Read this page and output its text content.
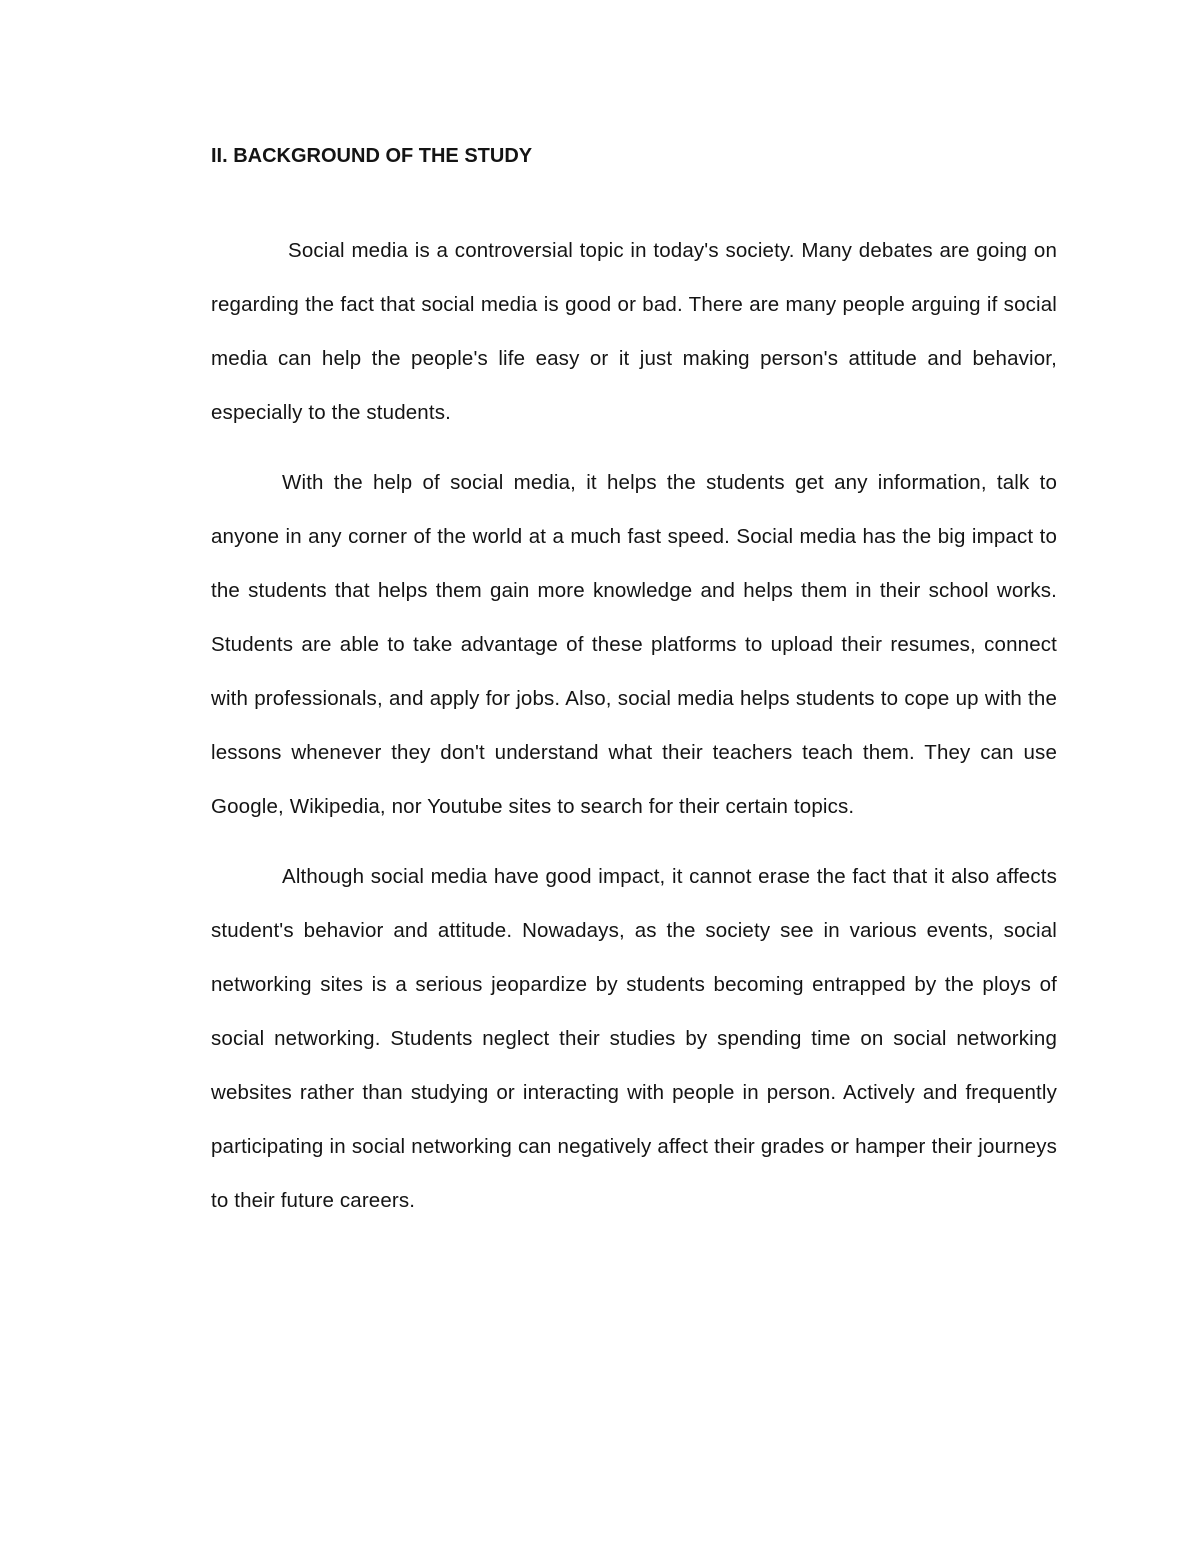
II. BACKGROUND OF THE STUDY

Social media is a controversial topic in today's society. Many debates are going on regarding the fact that social media is good or bad. There are many people arguing if social media can help the people's life easy or it just making person's attitude and behavior, especially to the students.

With the help of social media, it helps the students get any information, talk to anyone in any corner of the world at a much fast speed. Social media has the big impact to the students that helps them gain more knowledge and helps them in their school works. Students are able to take advantage of these platforms to upload their resumes, connect with professionals, and apply for jobs. Also, social media helps students to cope up with the lessons whenever they don't understand what their teachers teach them. They can use Google, Wikipedia, nor Youtube sites to search for their certain topics.

Although social media have good impact, it cannot erase the fact that it also affects student's behavior and attitude. Nowadays, as the society see in various events, social networking sites is a serious jeopardize by students becoming entrapped by the ploys of social networking. Students neglect their studies by spending time on social networking websites rather than studying or interacting with people in person. Actively and frequently participating in social networking can negatively affect their grades or hamper their journeys to their future careers.
